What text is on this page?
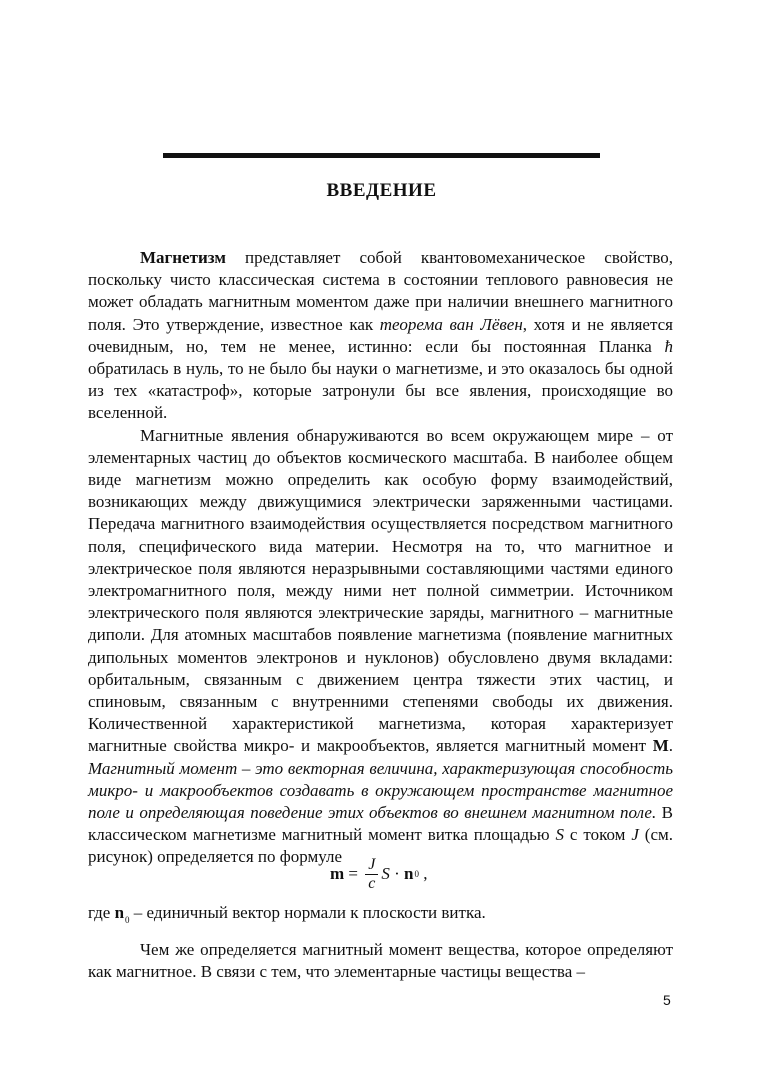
ВВЕДЕНИЕ

Магнетизм представляет собой квантовомеханическое свойство, поскольку чисто классическая система в состоянии теплового равновесия не может обладать магнитным моментом даже при наличии внешнего магнитного поля. Это утверждение, известное как теорема ван Лёвен, хотя и не является очевидным, но, тем не менее, истинно: если бы постоянная Планка ħ обратилась в нуль, то не было бы науки о магнетизме, и это оказалось бы одной из тех «катастроф», которые затронули бы все явления, происходящие во вселенной.

Магнитные явления обнаруживаются во всем окружающем мире – от элементарных частиц до объектов космического масштаба. В наиболее общем виде магнетизм можно определить как особую форму взаимодействий, возникающих между движущимися электрически заряженными частицами. Передача магнитного взаимодействия осуществляется посредством магнитного поля, специфического вида материи. Несмотря на то, что магнитное и электрическое поля являются неразрывными составляющими частями единого электромагнитного поля, между ними нет полной симметрии. Источником электрического поля являются электрические заряды, магнитного – магнитные диполи. Для атомных масштабов появление магнетизма (появление магнитных дипольных моментов электронов и нуклонов) обусловлено двумя вкладами: орбитальным, связанным с движением центра тяжести этих частиц, и спиновым, связанным с внутренними степенями свободы их движения. Количественной характеристикой магнетизма, которая характеризует магнитные свойства микро- и макрообъектов, является магнитный момент M. Магнитный момент – это векторная величина, характеризующая способность микро- и макрообъектов создавать в окружающем пространстве магнитное поле и определяющая поведение этих объектов во внешнем магнитном поле. В классическом магнетизме магнитный момент витка площадью S с током J (см. рисунок) определяется по формуле

$m = \frac{J}{c}$ S · n 0 ,

где $n_0$ – единичный вектор нормали к плоскости витка.

Чем же определяется магнитный момент вещества, которое определяют как магнитное. В связи с тем, что элементарные частицы вещества –

5
